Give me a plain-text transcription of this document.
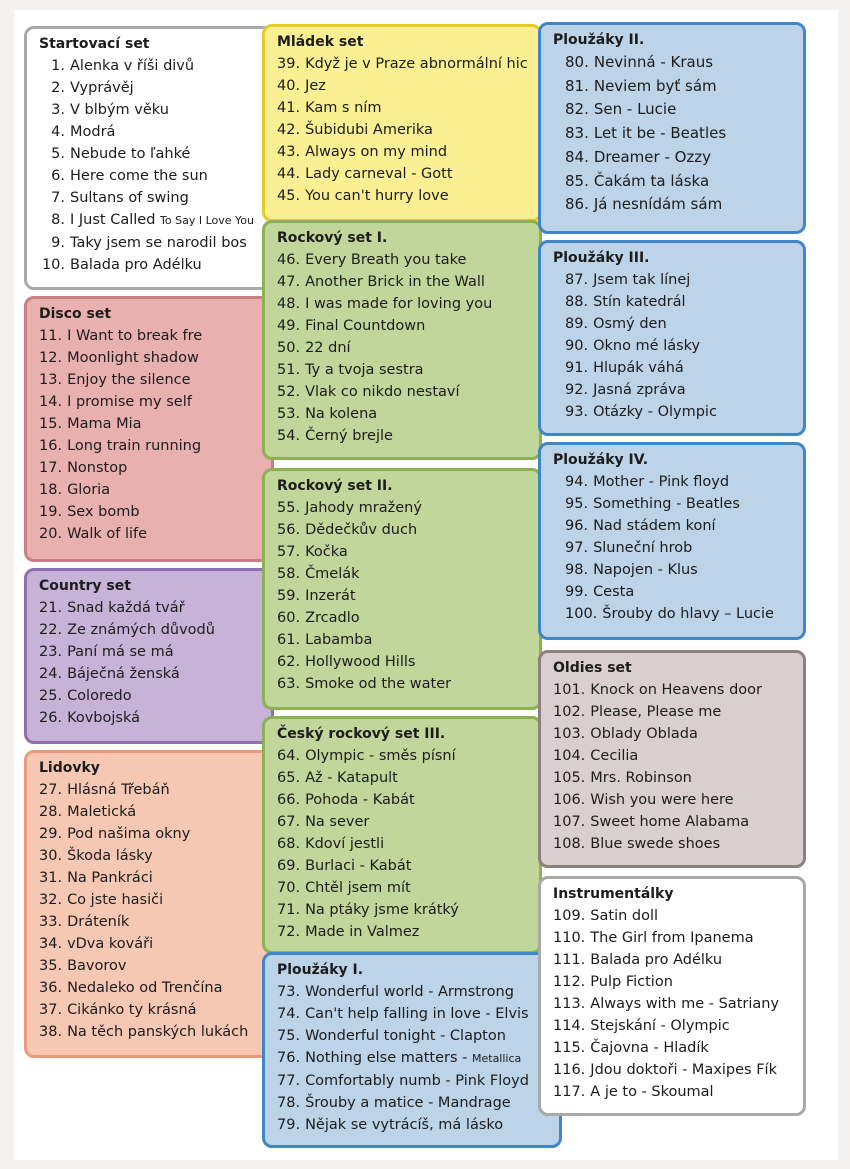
Startovací set
1. Alenka v říši divů
2. Vyprávěj
3. V blbým věku
4. Modrá
5. Nebude to ľahké
6. Here come the sun
7. Sultans of swing
8. I Just Called To Say I Love You
9. Taky jsem se narodil bos
10. Balada pro Adélku
Disco set
11. I Want to break fre
12. Moonlight shadow
13. Enjoy the silence
14. I promise my self
15. Mama Mia
16. Long train running
17. Nonstop
18. Gloria
19. Sex bomb
20. Walk of life
Country set
21. Snad každá tvář
22. Ze známých důvodů
23. Paní má se má
24. Báječná ženská
25. Coloredo
26. Kovbojská
Lidovky
27. Hlásná Třebáň
28. Maletická
29. Pod našima okny
30. Škoda lásky
31. Na Pankráci
32. Co jste hasiči
33. Dráteník
34. vDva kováři
35. Bavorov
36. Nedaleko od Trenčína
37. Cikánko ty krásná
38. Na těch panských lukách
Mládek set
39. Když je v Praze abnormální hic
40. Jez
41. Kam s ním
42. Šubidubi Amerika
43. Always on my mind
44. Lady carneval - Gott
45. You can't hurry love
Rockový set I.
46. Every Breath you take
47. Another Brick in the Wall
48. I was made for loving you
49. Final Countdown
50. 22 dní
51. Ty a tvoja sestra
52. Vlak co nikdo nestaví
53. Na kolena
54. Černý brejle
Rockový set II.
55. Jahody mražený
56. Dědečkův duch
57. Kočka
58. Čmelák
59. Inzerát
60. Zrcadlo
61. Labamba
62. Hollywood Hills
63. Smoke od the water
Český rockový set III.
64. Olympic - směs písní
65. Až - Katapult
66. Pohoda - Kabát
67. Na sever
68. Kdoví jestli
69. Burlaci - Kabát
70. Chtěl jsem mít
71. Na ptáky jsme krátký
72. Made in Valmez
Ploužáky I.
73. Wonderful world - Armstrong
74. Can't help falling in love - Elvis
75. Wonderful tonight - Clapton
76. Nothing else matters - Metallica
77. Comfortably numb - Pink Floyd
78. Šrouby a matice - Mandrage
79. Nějak se vytrácíš, má lásko
Ploužáky II.
80. Nevinná - Kraus
81. Neviem byť sám
82. Sen - Lucie
83. Let it be - Beatles
84. Dreamer - Ozzy
85. Čakám ta láska
86. Já nesnídám sám
Ploužáky III.
87. Jsem tak línej
88. Stín katedrál
89. Osmý den
90. Okno mé lásky
91. Hlupák váhá
92. Jasná zpráva
93. Otázky - Olympic
Ploužáky IV.
94. Mother - Pink floyd
95. Something - Beatles
96. Nad stádem koní
97. Sluneční hrob
98. Napojen - Klus
99. Cesta
100. Šrouby do hlavy – Lucie
Oldies set
101. Knock on Heavens door
102. Please, Please me
103. Oblady Oblada
104. Cecilia
105. Mrs. Robinson
106. Wish you were here
107. Sweet home Alabama
108. Blue swede shoes
Instrumentálky
109. Satin doll
110. The Girl from Ipanema
111. Balada pro Adélku
112. Pulp Fiction
113. Always with me - Satriany
114. Stejskání - Olympic
115. Čajovna - Hladík
116. Jdou doktoři - Maxipes Fík
117. A je to - Skoumal
